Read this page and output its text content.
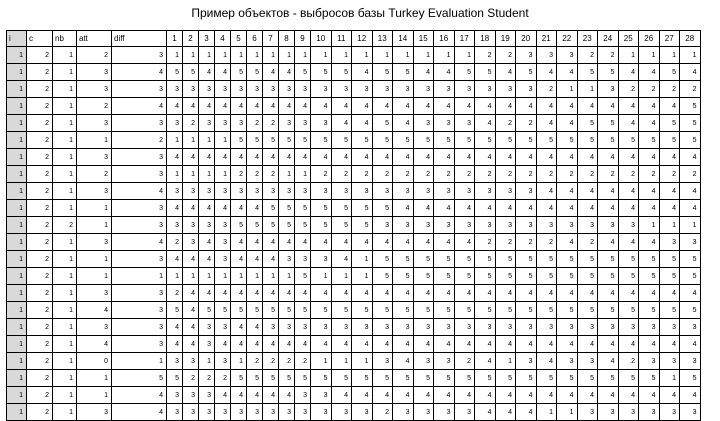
Пример объектов - выбросов базы Turkey Evaluation Student
i	c	nb	att	diff	1	2	3	4	5	6	7	8	9	10	11	12	13	14	15	16	17	18	19	20	21	22	23	24	25	26	27	28
1	2	1	2	3	1	1	1	1	1	1	1	1	1	1	1	1	1	1	1	1	1	2	2	3	3	3	2	2	1	1	1	1
1	2	1	3	4	5	5	4	4	5	5	4	4	5	5	5	4	5	5	4	4	5	5	4	5	4	4	5	5	4	4	5	4
1	2	1	3	3	3	3	3	3	3	3	3	3	3	3	3	3	3	3	3	3	3	3	3	3	2	1	1	3	2	2	2	2
1	2	1	2	4	4	4	4	4	4	4	4	4	4	4	4	4	4	4	4	4	4	4	4	4	4	4	4	4	4	4	4	5
1	2	1	3	3	3	2	3	3	3	2	2	3	3	3	4	4	5	4	3	3	3	4	2	2	4	4	5	5	4	4	5	5
1	2	1	1	2	1	1	1	1	5	5	5	5	5	5	5	5	5	5	5	5	5	5	5	5	5	5	5	5	5	5	5	5
1	2	1	3	3	4	4	4	4	4	4	4	4	4	4	4	4	4	4	4	4	4	4	4	4	4	4	4	4	4	4	4	4
1	2	1	2	3	1	1	1	1	2	2	2	1	1	2	2	2	2	2	2	2	2	2	2	2	2	2	2	2	2	2	2	2
1	2	1	3	4	3	3	3	3	3	3	3	3	3	3	3	3	3	3	3	3	3	3	3	3	4	4	4	4	4	4	4	4
1	2	1	1	3	4	4	4	4	4	4	5	5	5	5	5	5	5	4	4	4	4	4	4	4	4	4	4	4	4	4	4	4
1	2	2	1	3	3	3	3	3	5	5	5	5	5	5	5	5	3	3	3	3	3	3	3	3	3	3	3	3	3	1	1	1
1	2	1	3	4	2	3	4	3	4	4	4	4	4	4	4	4	4	4	4	4	4	2	2	2	2	4	2	4	4	4	3	3
1	2	1	1	3	4	4	4	3	4	4	4	3	3	3	4	1	5	5	5	5	5	5	5	5	5	5	5	5	5	5	5	5
1	2	1	1	1	1	1	1	1	1	1	1	1	5	1	1	1	5	5	5	5	5	5	5	5	5	5	5	5	5	5	5	5
1	2	1	3	3	2	4	4	4	4	4	4	4	4	4	4	4	4	4	4	4	4	4	4	4	4	4	4	4	4	4	4	4
1	2	1	4	3	5	4	5	5	5	5	5	5	5	5	5	5	5	5	5	5	5	5	5	5	5	5	5	5	5	5	5	5
1	2	1	3	3	4	4	3	3	4	4	3	3	3	3	3	3	3	3	3	3	3	3	3	3	3	3	3	3	3	3	3	3
1	2	1	4	3	4	4	3	4	4	4	4	4	4	4	4	4	4	4	4	4	4	4	4	4	4	4	4	4	4	4	4	4
1	2	1	0	1	3	3	1	3	1	2	2	2	2	1	1	1	3	4	3	3	2	4	1	3	4	3	3	4	2	3	3	3
1	2	1	1	5	5	2	2	2	5	5	5	5	5	5	5	5	5	5	5	5	5	5	5	5	5	5	5	5	5	5	1	5
1	2	1	1	4	3	3	3	4	4	4	4	4	3	3	4	4	4	4	4	4	4	4	4	4	4	4	4	4	4	4	4	4
1	2	1	3	4	3	3	3	3	3	3	3	3	3	3	3	3	2	3	3	3	3	4	4	4	1	1	3	3	3	3	3	3
